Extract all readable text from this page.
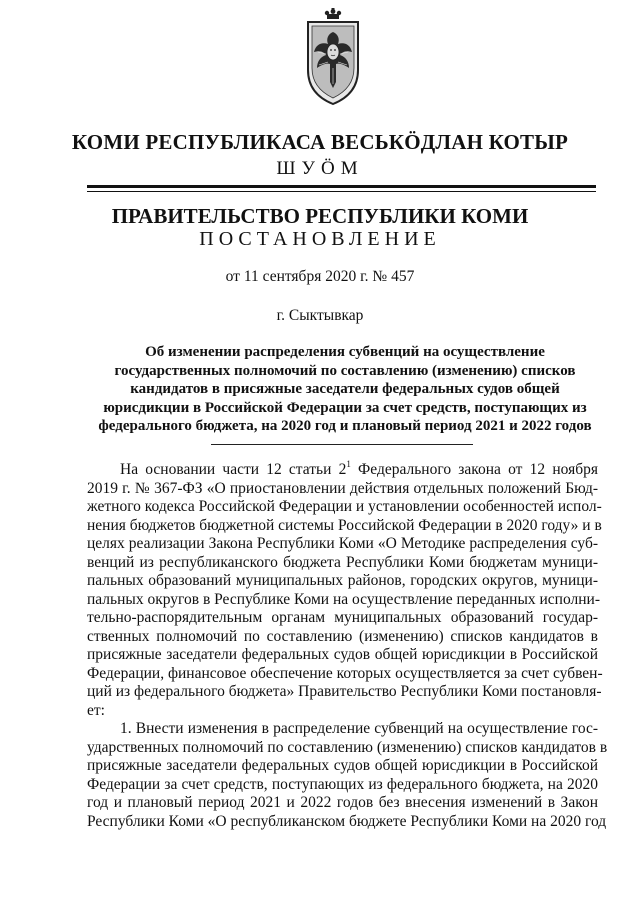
КОМИ РЕСПУБЛИКАСА ВЕСЬКӦДЛАН КОТЫР
ШУӦМ
ПРАВИТЕЛЬСТВО РЕСПУБЛИКИ КОМИ
ПОСТАНОВЛЕНИЕ
от 11 сентября 2020 г. № 457
г. Сыктывкар
Об изменении распределения субвенций на осуществление
государственных полномочий по составлению (изменению) списков
кандидатов в присяжные заседатели федеральных судов общей
юрисдикции в Российской Федерации за счет средств, поступающих из
федерального бюджета, на 2020 год и плановый период 2021 и 2022 годов
На основании части 12 статьи $2^1$ Федерального закона от 12 ноября
2019 г. № 367-ФЗ «О приостановлении действия отдельных положений Бюд-
жетного кодекса Российской Федерации и установлении особенностей испол-
нения бюджетов бюджетной системы Российской Федерации в 2020 году» и в
целях реализации Закона Республики Коми «О Методике распределения суб-
венций из республиканского бюджета Республики Коми бюджетам муници-
пальных образований муниципальных районов, городских округов, муници-
пальных округов в Республике Коми на осуществление переданных исполни-
тельно-распорядительным органам муниципальных образований государ-
ственных полномочий по составлению (изменению) списков кандидатов в
присяжные заседатели федеральных судов общей юрисдикции в Российской
Федерации, финансовое обеспечение которых осуществляется за счет субвен-
ций из федерального бюджета» Правительство Республики Коми постановля-
ет:
1. Внести изменения в распределение субвенций на осуществление гос-
ударственных полномочий по составлению (изменению) списков кандидатов в
присяжные заседатели федеральных судов общей юрисдикции в Российской
Федерации за счет средств, поступающих из федерального бюджета, на 2020
год и плановый период 2021 и 2022 годов без внесения изменений в Закон
Республики Коми «О республиканском бюджете Республики Коми на 2020 год
